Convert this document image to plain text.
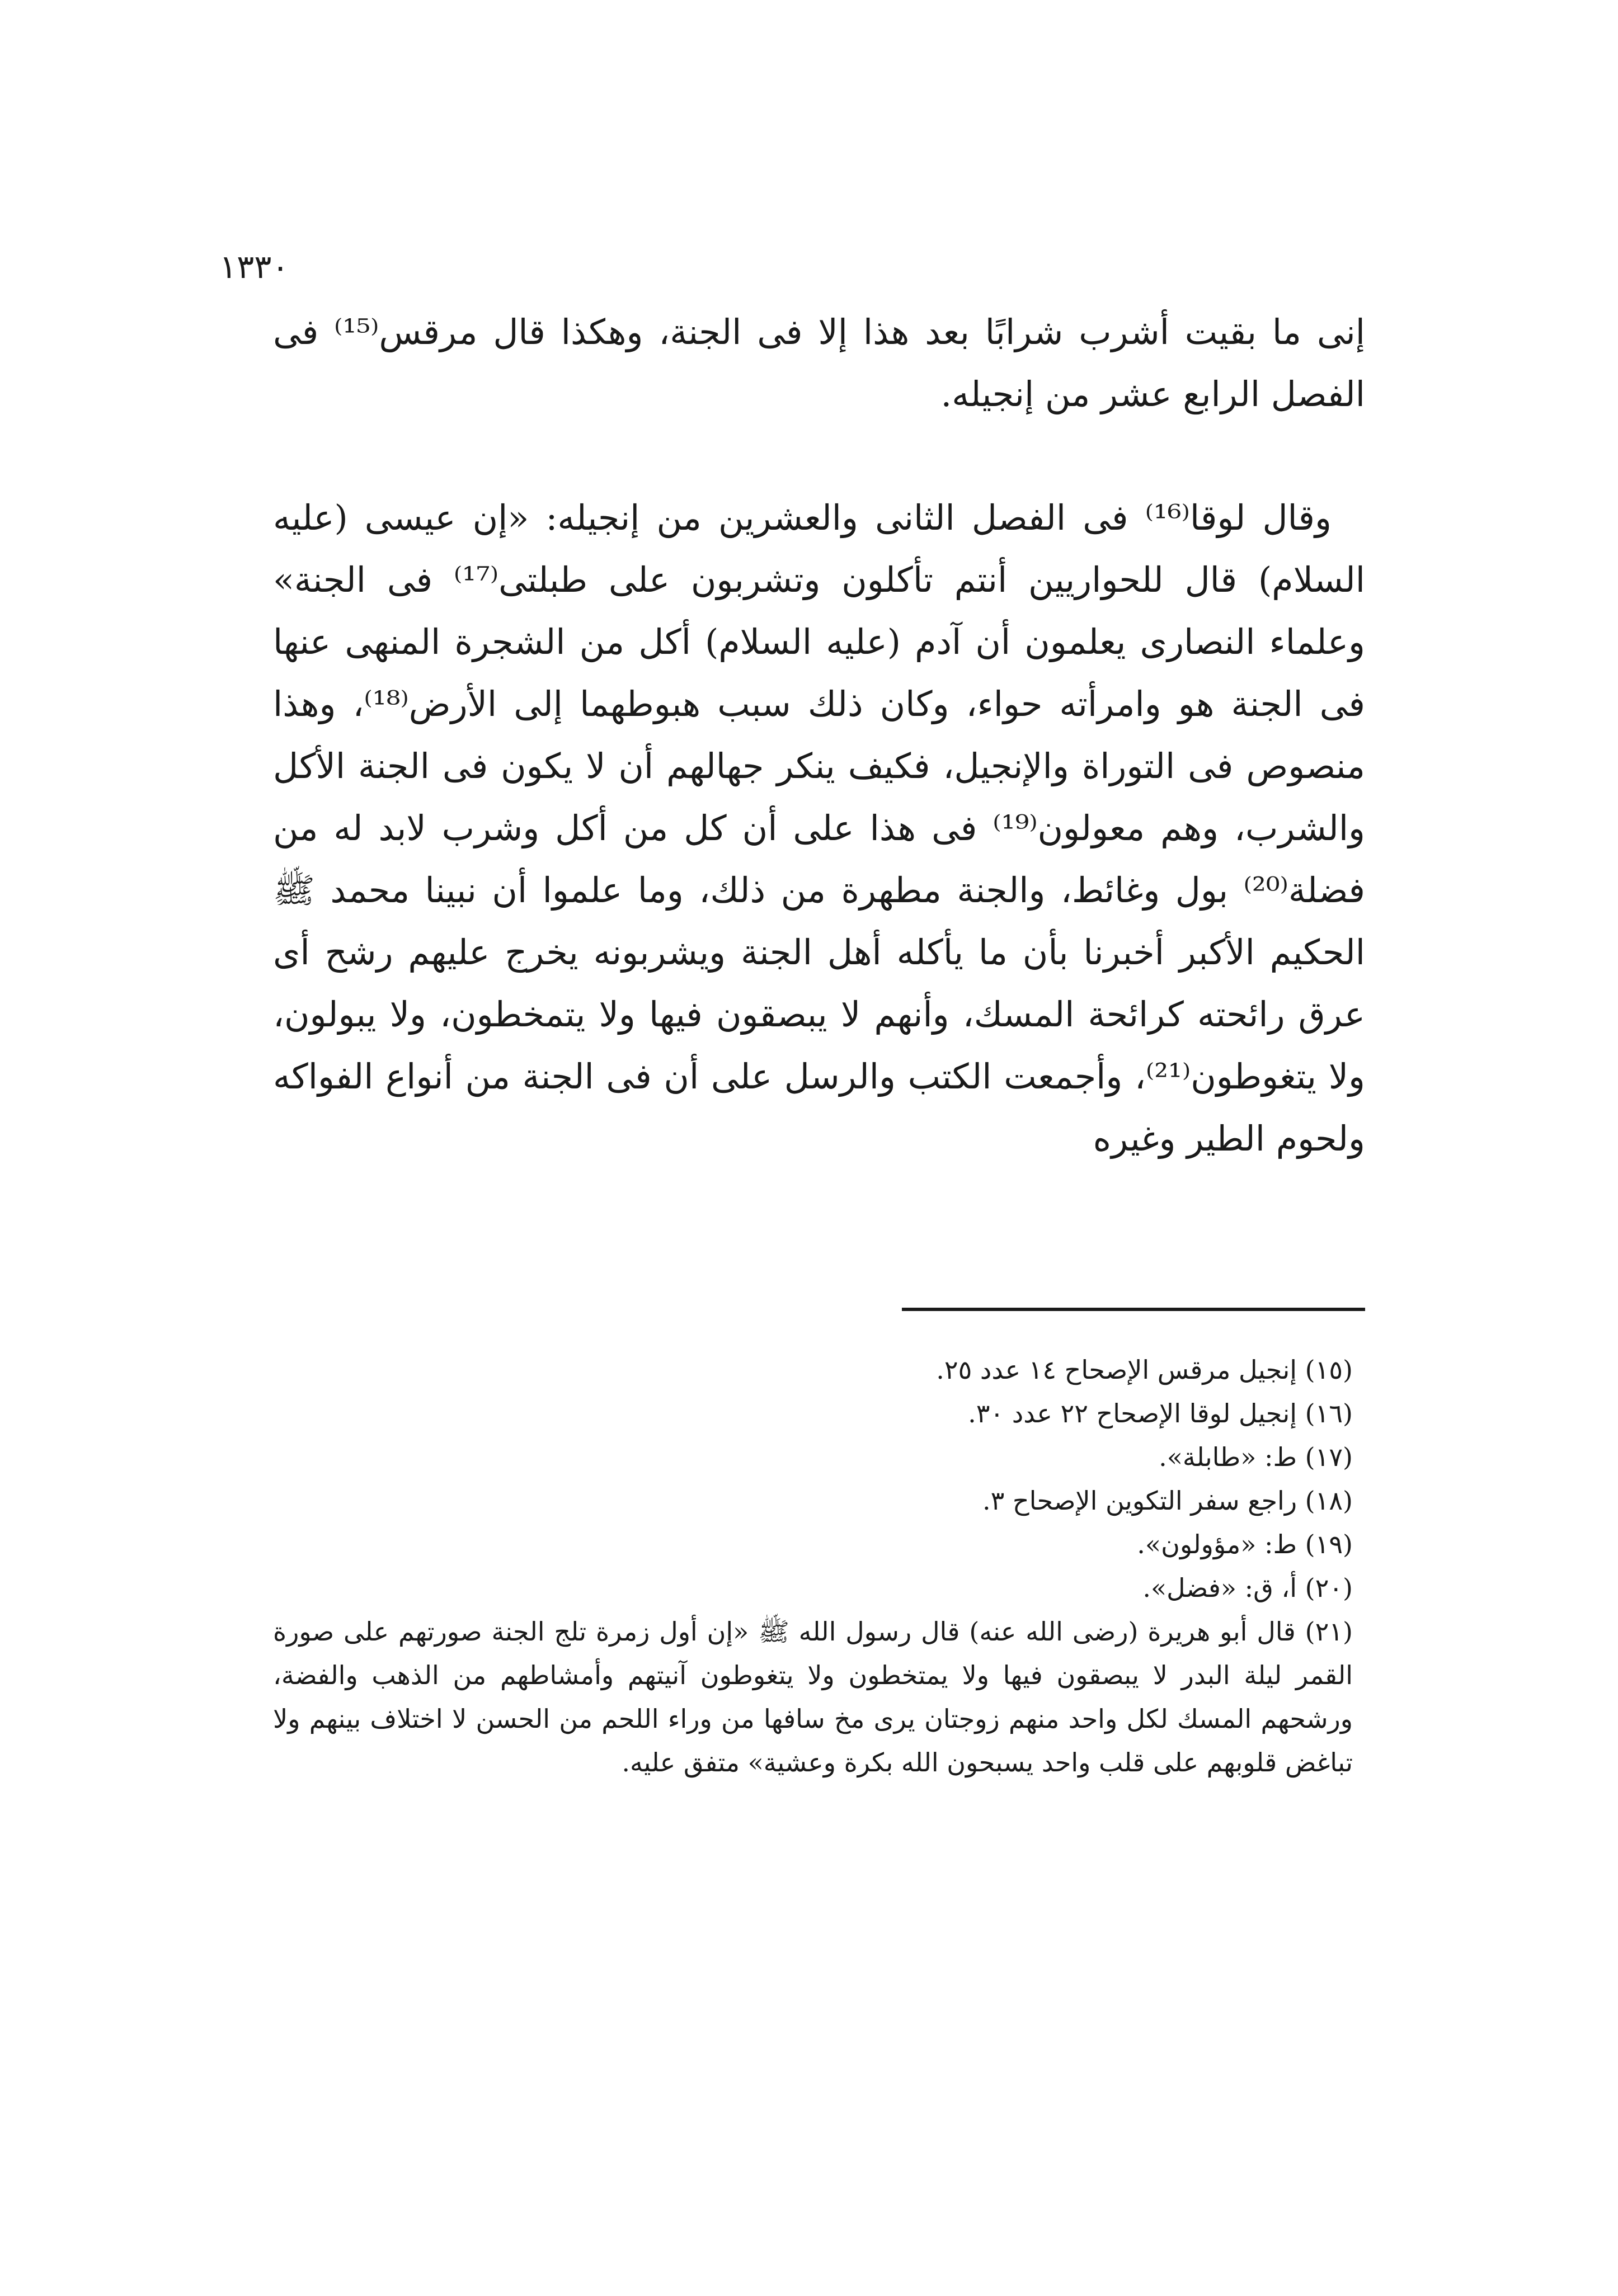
١٣٣٠

إنى ما بقيت أشرب شرابًا بعد هذا إلا فى الجنة، وهكذا قال مرقس⁽¹⁵⁾ فى الفصل الرابع عشر من إنجيله.

وقال لوقا⁽¹⁶⁾ فى الفصل الثانى والعشرين من إنجيله: «إن عيسى (عليه السلام) قال للحواريين أنتم تأكلون وتشربون على طبلتى⁽¹⁷⁾ فى الجنة» وعلماء النصارى يعلمون أن آدم (عليه السلام) أكل من الشجرة المنهى عنها فى الجنة هو وامرأته حواء، وكان ذلك سبب هبوطهما إلى الأرض⁽¹⁸⁾، وهذا منصوص فى التوراة والإنجيل، فكيف ينكر جهالهم أن لا يكون فى الجنة الأكل والشرب، وهم معولون⁽¹⁹⁾ فى هذا على أن كل من أكل وشرب لابد له من فضلة⁽²⁰⁾ بول وغائط، والجنة مطهرة من ذلك، وما علموا أن نبينا محمد ﷺ الحكيم الأكبر أخبرنا بأن ما يأكله أهل الجنة ويشربونه يخرج عليهم رشح أى عرق رائحته كرائحة المسك، وأنهم لا يبصقون فيها ولا يتمخطون، ولا يبولون، ولا يتغوطون⁽²¹⁾، وأجمعت الكتب والرسل على أن فى الجنة من أنواع الفواكه ولحوم الطير وغيره

(١٥) إنجيل مرقس الإصحاح ١٤ عدد ٢٥.

(١٦) إنجيل لوقا الإصحاح ٢٢ عدد ٣٠.

(١٧) ط: «طابلة».

(١٨) راجع سفر التكوين الإصحاح ٣.

(١٩) ط: «مؤولون».

(٢٠) أ، ق: «فضل».

(٢١) قال أبو هريرة (رضى الله عنه) قال رسول الله ﷺ «إن أول زمرة تلج الجنة صورتهم على صورة القمر ليلة البدر لا يبصقون فيها ولا يمتخطون ولا يتغوطون آنيتهم وأمشاطهم من الذهب والفضة، ورشحهم المسك لكل واحد منهم زوجتان يرى مخ سافها من وراء اللحم من الحسن لا اختلاف بينهم ولا تباغض قلوبهم على قلب واحد يسبحون الله بكرة وعشية» متفق عليه.
